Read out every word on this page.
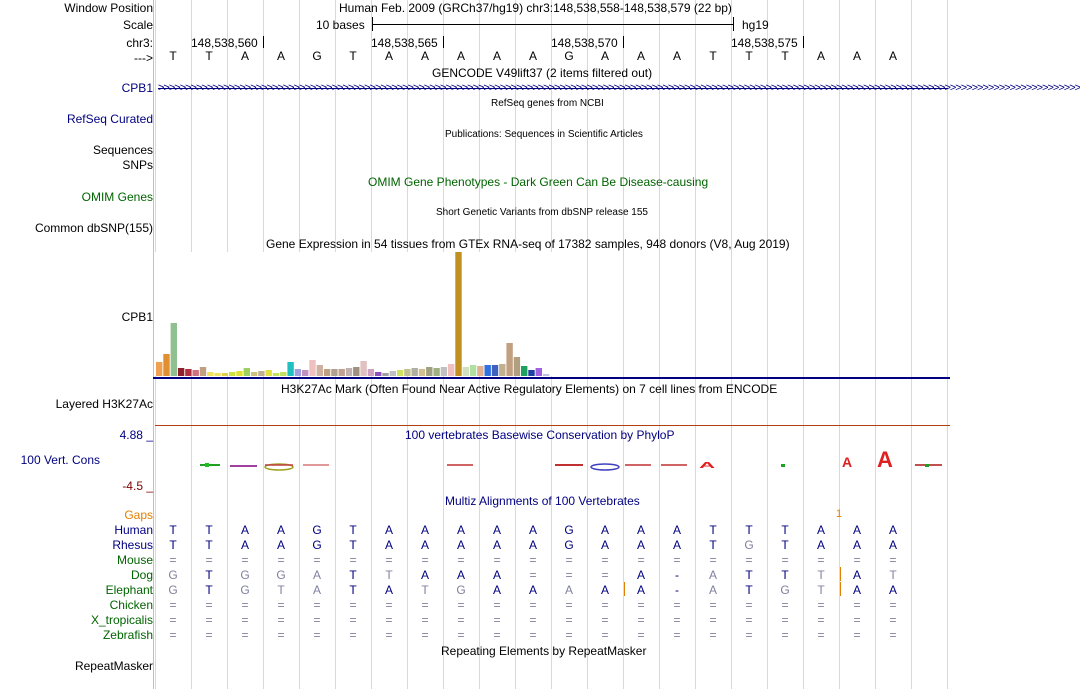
Window Position
Scale
chr3:
--->
Human Feb. 2009 (GRCh37/hg19) chr3:148,538,558-148,538,579 (22 bp)
10 bases	hg19
148,538,560	148,538,565	148,538,570	148,538,575
T	T	A	A	G	T	A	A	A	A	A	G	A	A	A	T	T	T	A	A	A
GENCODE V49lift37 (2 items filtered out)
CPB1 >>>>>>>>>>>>>>>>>>>>>>>>>>>>>>>>>>>>>>>>>>>>>>>>>>>>>>>>>>>>>>>>>>>>>>>>>>>>>>>>>>>>>>>>>>>>>>>>>>>>>>>>>>>>>>>>>>>>>>>>>>>>>>>>>>>>>>>>>>>>>>>>>>>>>>>>>>>>>>>>>>>>>>>>>>
RefSeq genes from NCBI
RefSeq Curated
Publications: Sequences in Scientific Articles
Sequences
SNPs
OMIM Gene Phenotypes - Dark Green Can Be Disease-causing
OMIM Genes
Short Genetic Variants from dbSNP release 155
Common dbSNP(155)
Gene Expression in 54 tissues from GTEx RNA-seq of 17382 samples, 948 donors (V8, Aug 2019)
CPB1
H3K27Ac Mark (Often Found Near Active Regulatory Elements) on 7 cell lines from ENCODE
Layered H3K27Ac
100 vertebrates Basewise Conservation by PhyloP
100 Vert. Cons
4.88 _
-4.5 _
A	A A
Multiz Alignments of 100 Vertebrates
Gaps	1
Human	T	T	A	A	G	T	A	A	A	A	A	G	A	A	A	T	T	T	A	A	A
Rhesus	T	T	A	A	G	T	A	A	A	A	A	G	A	A	A	T	G	T	A	A	A
Mouse	=	=	=	=	=	=	=	=	=	=	=	=	=	=	=	=	=	=	=	=	=
Dog	G	T	G	G	A	T	T	A	A	A	=	=	=	A	-	A	T	T	T	A	T
Elephant	G	T	G	T	A	T	A	T	G	A	A	A	A	A	-	A	T	G	T	A	A
Chicken	=	=	=	=	=	=	=	=	=	=	=	=	=	=	=	=	=	=	=	=	=
X_tropicalis	=	=	=	=	=	=	=	=	=	=	=	=	=	=	=	=	=	=	=	=	=
Zebrafish	=	=	=	=	=	=	=	=	=	=	=	=	=	=	=	=	=	=	=	=	=
Repeating Elements by RepeatMasker
RepeatMasker
